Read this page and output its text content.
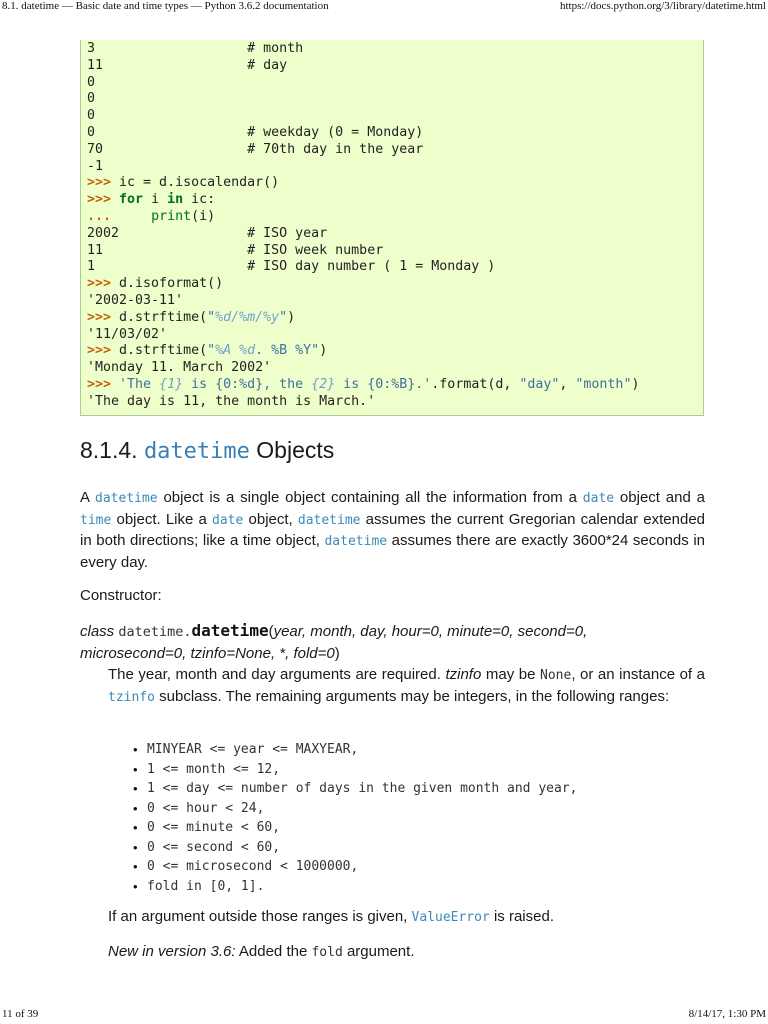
8.1. datetime — Basic date and time types — Python 3.6.2 documentation	https://docs.python.org/3/library/datetime.html
3                   # month
11                  # day
0
0
0
0                   # weekday (0 = Monday)
70                  # 70th day in the year
-1
>>> ic = d.isocalendar()
>>> for i in ic:
...     print(i)
2002                # ISO year
11                  # ISO week number
1                   # ISO day number ( 1 = Monday )
>>> d.isoformat()
'2002-03-11'
>>> d.strftime("%d/%m/%y")
'11/03/02'
>>> d.strftime("%A %d. %B %Y")
'Monday 11. March 2002'
>>> 'The {1} is {0:%d}, the {2} is {0:%B}.'.format(d, "day", "month")
'The day is 11, the month is March.'
8.1.4. datetime Objects

A datetime object is a single object containing all the information from a date object and a time object. Like a date object, datetime assumes the current Gregorian calendar extended in both directions; like a time object, datetime assumes there are exactly 3600*24 seconds in every day.

Constructor:

class datetime.datetime(year, month, day, hour=0, minute=0, second=0,
microsecond=0, tzinfo=None, *, fold=0)

The year, month and day arguments are required. tzinfo may be None, or an instance of a tzinfo subclass. The remaining arguments may be integers, in the following ranges:

• MINYEAR <= year <= MAXYEAR,
• 1 <= month <= 12,
• 1 <= day <= number of days in the given month and year,
• 0 <= hour < 24,
• 0 <= minute < 60,
• 0 <= second < 60,
• 0 <= microsecond < 1000000,
• fold in [0, 1].

If an argument outside those ranges is given, ValueError is raised.

New in version 3.6: Added the fold argument.

11 of 39	8/14/17, 1:30 PM
